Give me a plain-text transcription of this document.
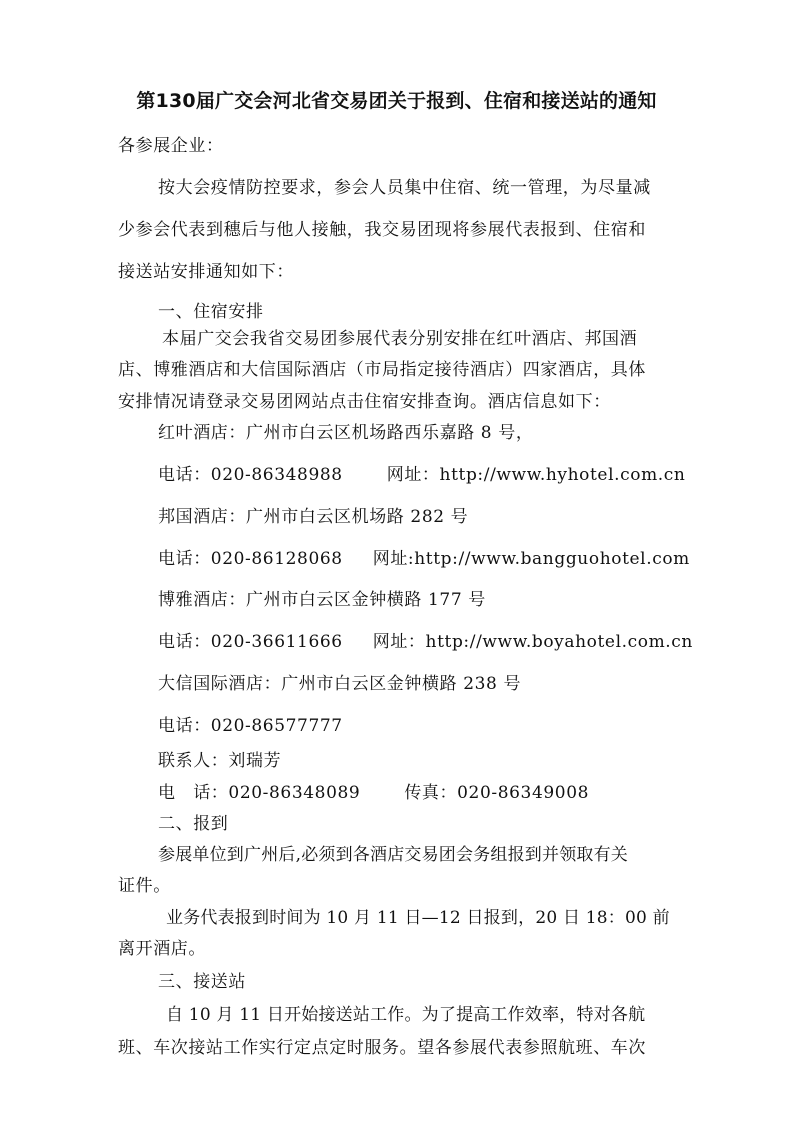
第130届广交会河北省交易团关于报到、住宿和接送站的通知
各参展企业：
按大会疫情防控要求，参会人员集中住宿、统一管理，为尽量减
少参会代表到穗后与他人接触，我交易团现将参展代表报到、住宿和
接送站安排通知如下：
一、住宿安排
本届广交会我省交易团参展代表分别安排在红叶酒店、邦国酒
店、博雅酒店和大信国际酒店（市局指定接待酒店）四家酒店，具体
安排情况请登录交易团网站点击住宿安排查询。酒店信息如下：
红叶酒店：广州市白云区机场路西乐嘉路 8 号，
电话：020-86348988	网址：http://www.hyhotel.com.cn
邦国酒店：广州市白云区机场路 282 号
电话：020-86128068 网址:http://www.bangguohotel.com
博雅酒店：广州市白云区金钟横路 177 号
电话：020-36611666 网址：http://www.boyahotel.com.cn
大信国际酒店：广州市白云区金钟横路 238 号
电话：020-86577777
联系人：刘瑞芳
电　话：020-86348089	传真：020-86349008
二、报到
参展单位到广州后,必须到各酒店交易团会务组报到并领取有关
证件。
业务代表报到时间为 10 月 11 日—12 日报到，20 日 18：00 前
离开酒店。
三、接送站
自 10 月 11 日开始接送站工作。为了提高工作效率，特对各航
班、车次接站工作实行定点定时服务。望各参展代表参照航班、车次
